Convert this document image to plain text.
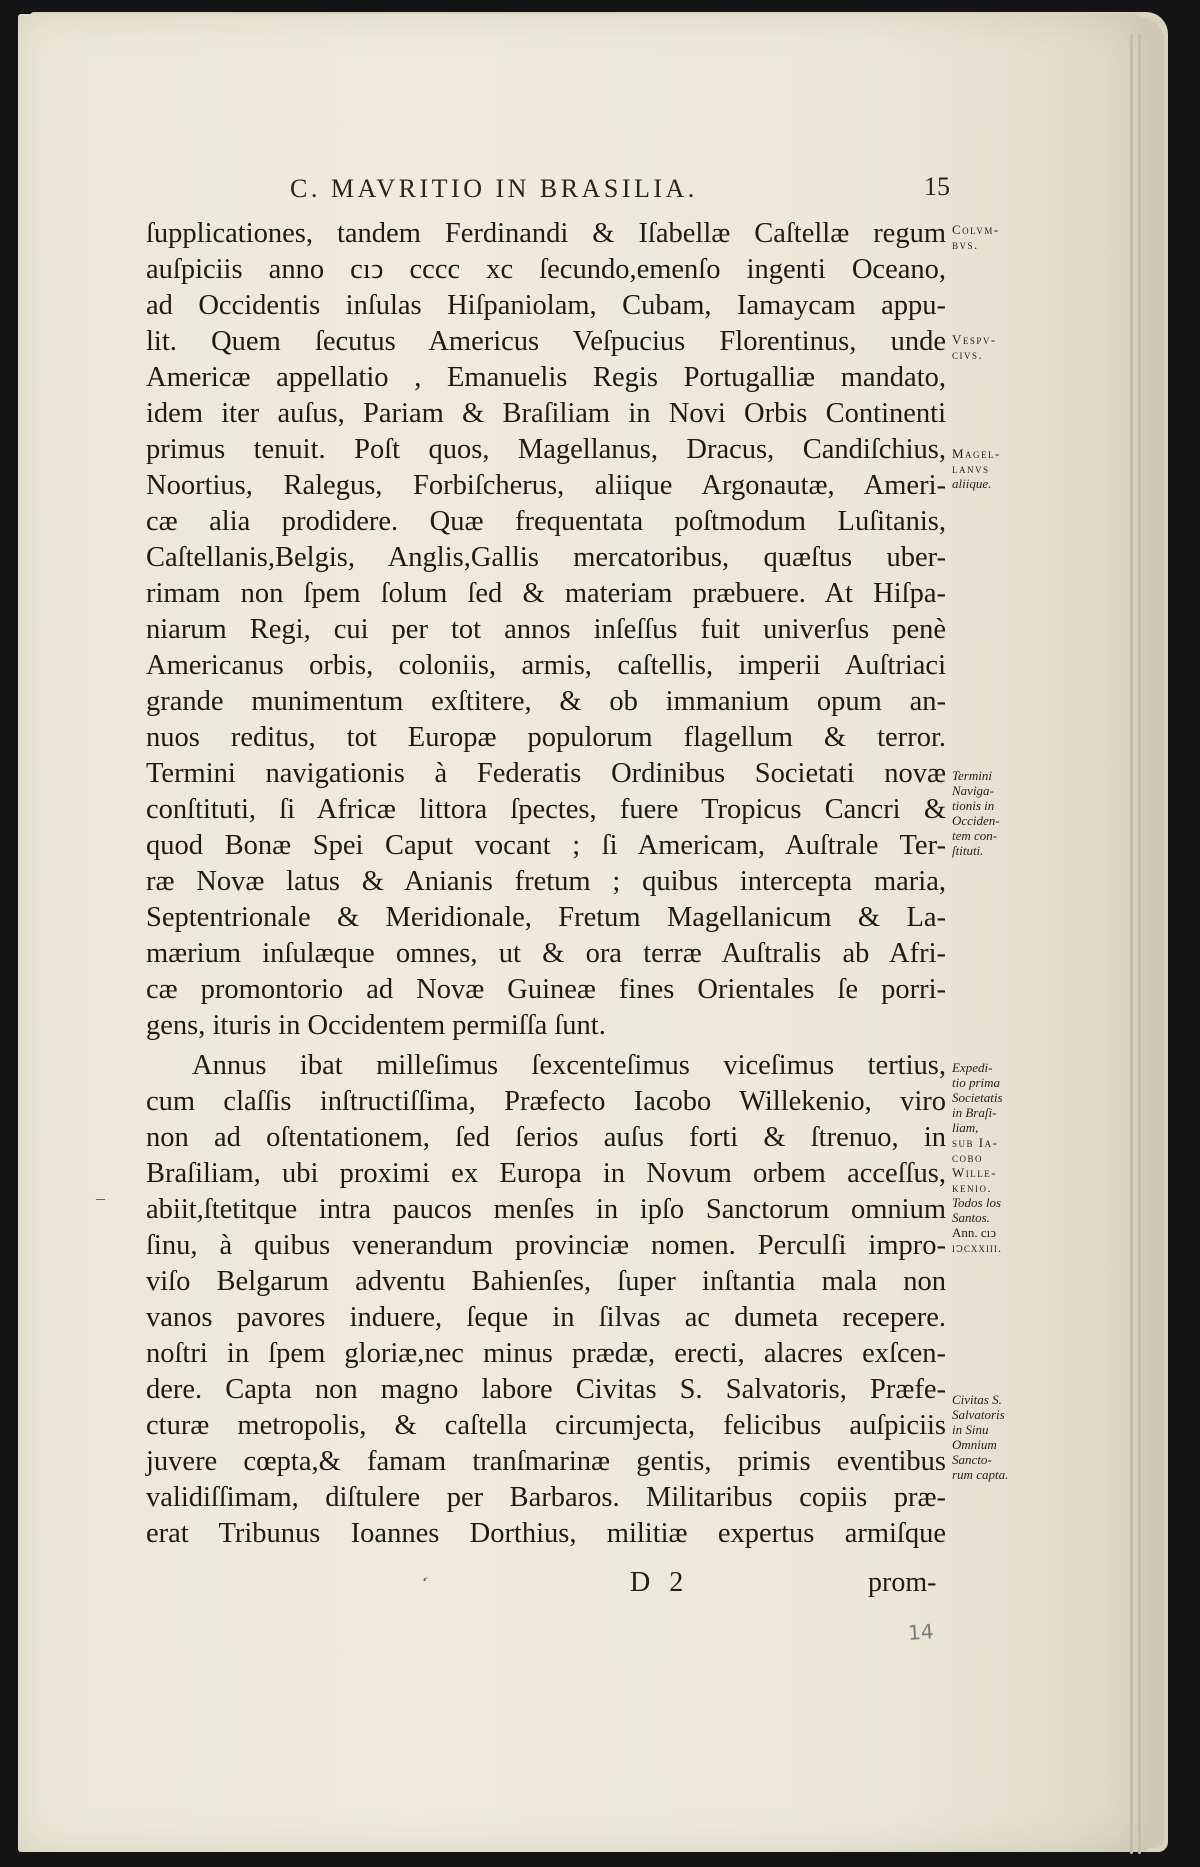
C. MAVRITIO IN BRASILIA.	15
ſupplicationes, tandem Ferdinandi & Iſabellæ Caſtellæ regum
auſpiciis anno cıↄ cccc xc ſecundo,emenſo ingenti Oceano,
ad Occidentis inſulas Hiſpaniolam, Cubam, Iamaycam appu-
lit. Quem ſecutus Americus Veſpucius Florentinus, unde
Americæ appellatio , Emanuelis Regis Portugalliæ mandato,
idem iter auſus, Pariam & Braſiliam in Novi Orbis Continenti
primus tenuit. Poſt quos, Magellanus, Dracus, Candiſchius,
Noortius, Ralegus, Forbiſcherus, aliique Argonautæ, Ameri-
cæ alia prodidere. Quæ frequentata poſtmodum Luſitanis,
Caſtellanis,Belgis, Anglis,Gallis mercatoribus, quæſtus uber-
rimam non ſpem ſolum ſed & materiam præbuere. At Hiſpa-
niarum Regi, cui per tot annos inſeſſus fuit univerſus penè
Americanus orbis, coloniis, armis, caſtellis, imperii Auſtriaci
grande munimentum exſtitere, & ob immanium opum an-
nuos reditus, tot Europæ populorum flagellum & terror.
Termini navigationis à Federatis Ordinibus Societati novæ
conſtituti, ſi Africæ littora ſpectes, fuere Tropicus Cancri &
quod Bonæ Spei Caput vocant ; ſi Americam, Auſtrale Ter-
ræ Novæ latus & Anianis fretum ; quibus intercepta maria,
Septentrionale & Meridionale, Fretum Magellanicum & La-
mærium inſulæque omnes, ut & ora terræ Auſtralis ab Afri-
cæ promontorio ad Novæ Guineæ fines Orientales ſe porri-
gens, ituris in Occidentem permiſſa ſunt.
Annus ibat milleſimus ſexcenteſimus viceſimus tertius,
cum claſſis inſtructiſſima, Præfecto Iacobo Willekenio, viro
non ad oſtentationem, ſed ſerios auſus forti & ſtrenuo, in
Braſiliam, ubi proximi ex Europa in Novum orbem acceſſus,
abiit,ſtetitque intra paucos menſes in ipſo Sanctorum omnium
ſinu, à quibus venerandum provinciæ nomen. Perculſi impro-
viſo Belgarum adventu Bahienſes, ſuper inſtantia mala non
vanos pavores induere, ſeque in ſilvas ac dumeta recepere.
noſtri in ſpem gloriæ,nec minus prædæ, erecti, alacres exſcen-
dere. Capta non magno labore Civitas S. Salvatoris, Præfe-
cturæ metropolis, & caſtella circumjecta, felicibus auſpiciis
juvere cœpta,& famam tranſmarinæ gentis, primis eventibus
validiſſimam, diſtulere per Barbaros. Militaribus copiis præ-
erat Tribunus Ioannes Dorthius, militiæ expertus armiſque
Colvm-
bvs.
Vespv-
civs.
Magel-
lanvs
aliique.
Termini
Naviga-
tionis in
Occiden-
tem con-
ſtituti.
Expedi-
tio prima
Societatis
in Braſi-
liam,
ſub Ia-
cobo
Wille-
kenio.
Todos los
Santos.
Ann. cıↄ
ıↄcxxiii.
Civitas S.
Salvatoris
in Sinu
Omnium
Sancto-
rum capta.
D 2	prom-
14
‘
–
